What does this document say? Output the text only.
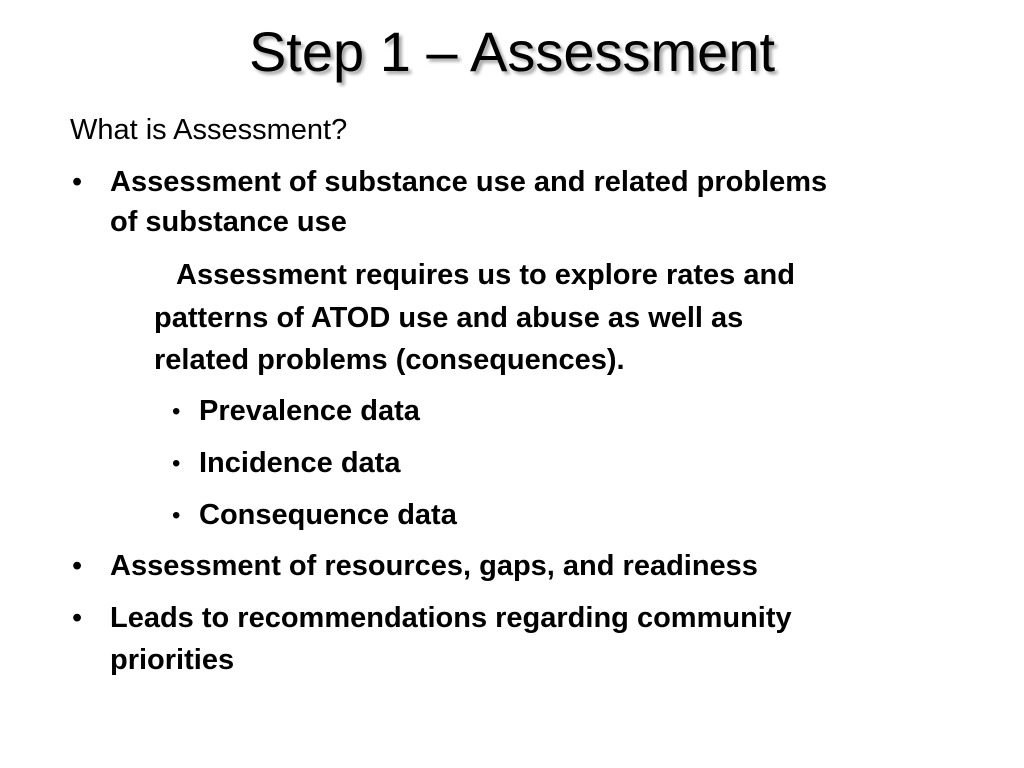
Step 1 – Assessment
What is Assessment?
• Assessment of substance use and related problems
of substance use
Assessment requires us to explore rates and
patterns of ATOD use and abuse as well as
related problems (consequences).
• Prevalence data
• Incidence data
• Consequence data
• Assessment of resources, gaps, and readiness
• Leads to recommendations regarding community
priorities
